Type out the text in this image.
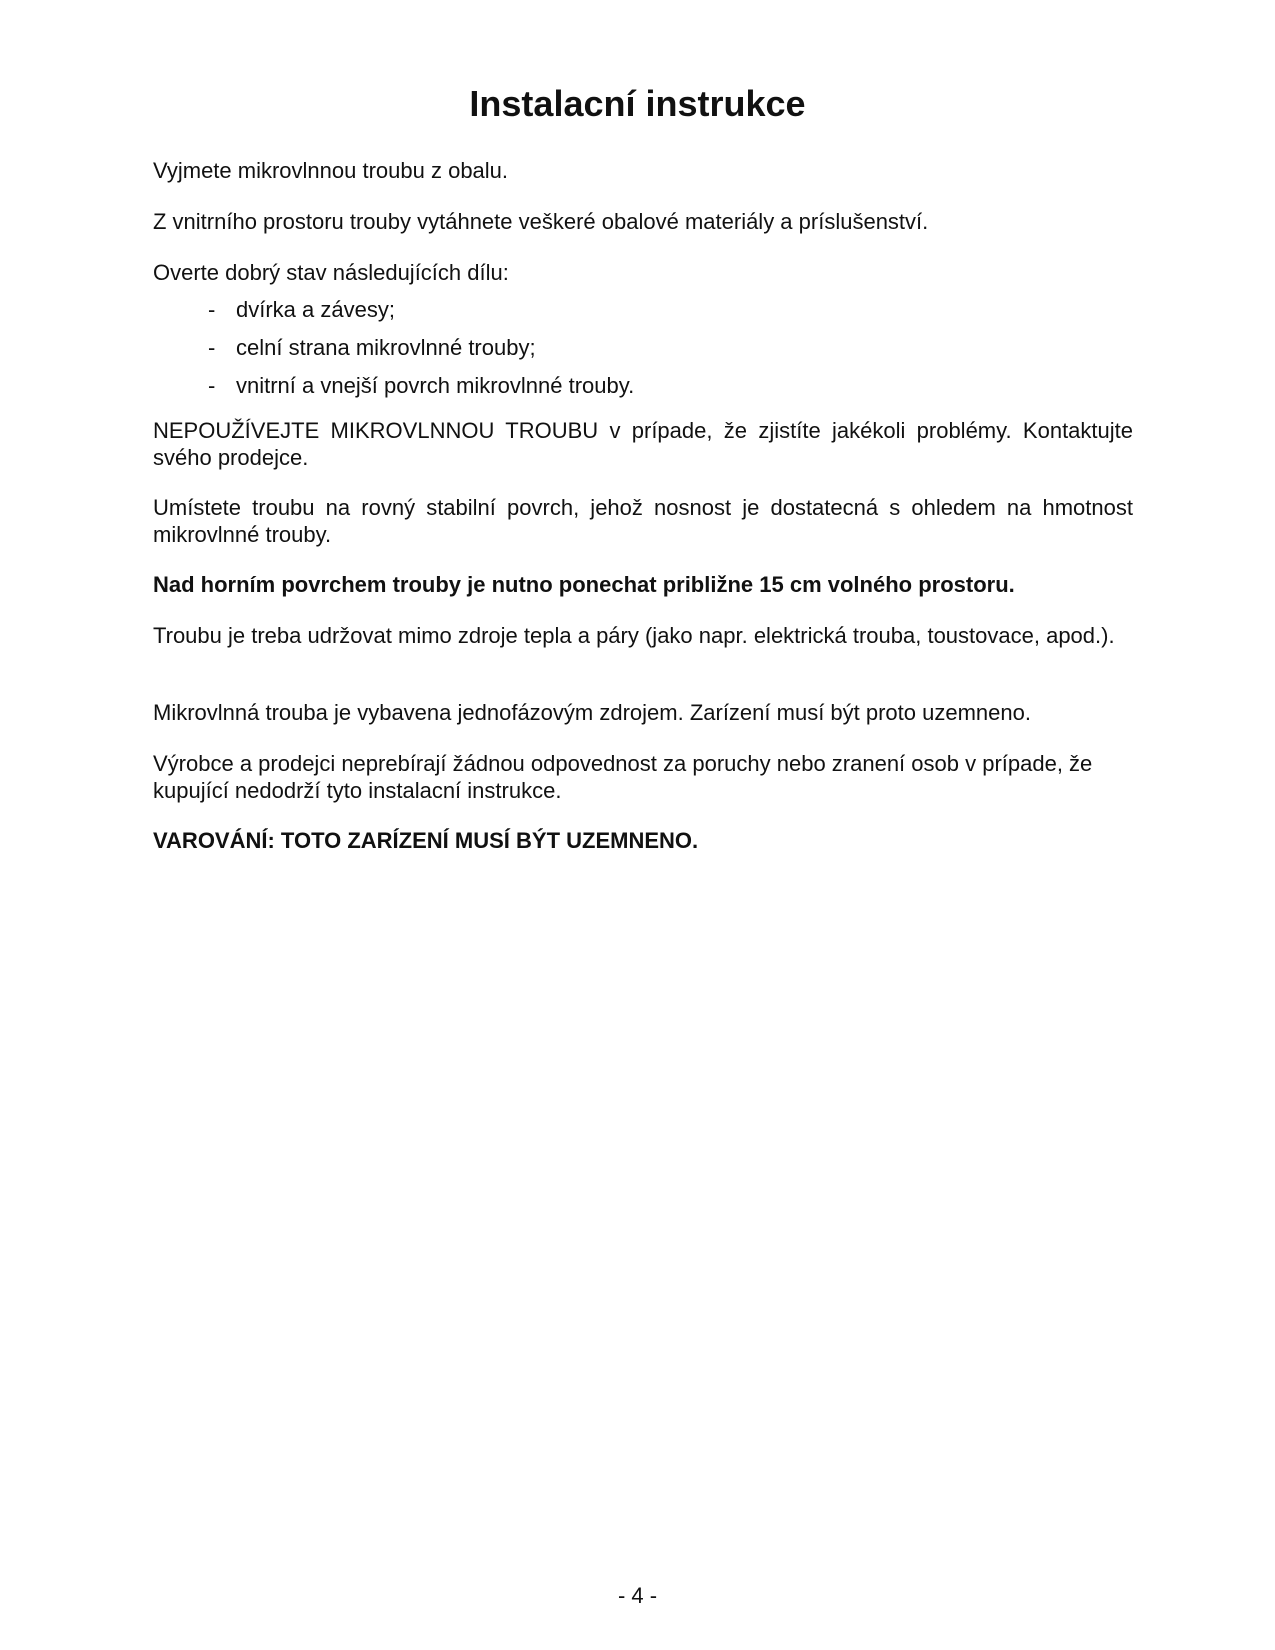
Instalacní instrukce

Vyjmete mikrovlnnou troubu z obalu.

Z vnitrního prostoru trouby vytáhnete veškeré obalové materiály a príslušenství.

Overte dobrý stav následujících dílu:

- dvírka a závesy;
- celní strana mikrovlnné trouby;
- vnitrní a vnejší povrch mikrovlnné trouby.

NEPOUŽÍVEJTE MIKROVLNNOU TROUBU v prípade, že zjistíte jakékoli problémy. Kontaktujte svého prodejce.

Umístete troubu na rovný stabilní povrch, jehož nosnost je dostatecná s ohledem na hmotnost mikrovlnné trouby.

Nad horním povrchem trouby je nutno ponechat približne 15 cm volného prostoru.

Troubu je treba udržovat mimo zdroje tepla a páry (jako napr. elektrická trouba, toustovace, apod.).

Mikrovlnná trouba je vybavena jednofázovým zdrojem. Zarízení musí být proto uzemneno.

Výrobce a prodejci neprebírají žádnou odpovednost za poruchy nebo zranení osob v prípade, že kupující nedodrží tyto instalacní instrukce.

VAROVÁNÍ: TOTO ZARÍZENÍ MUSÍ BÝT UZEMNENO.

- 4 -
